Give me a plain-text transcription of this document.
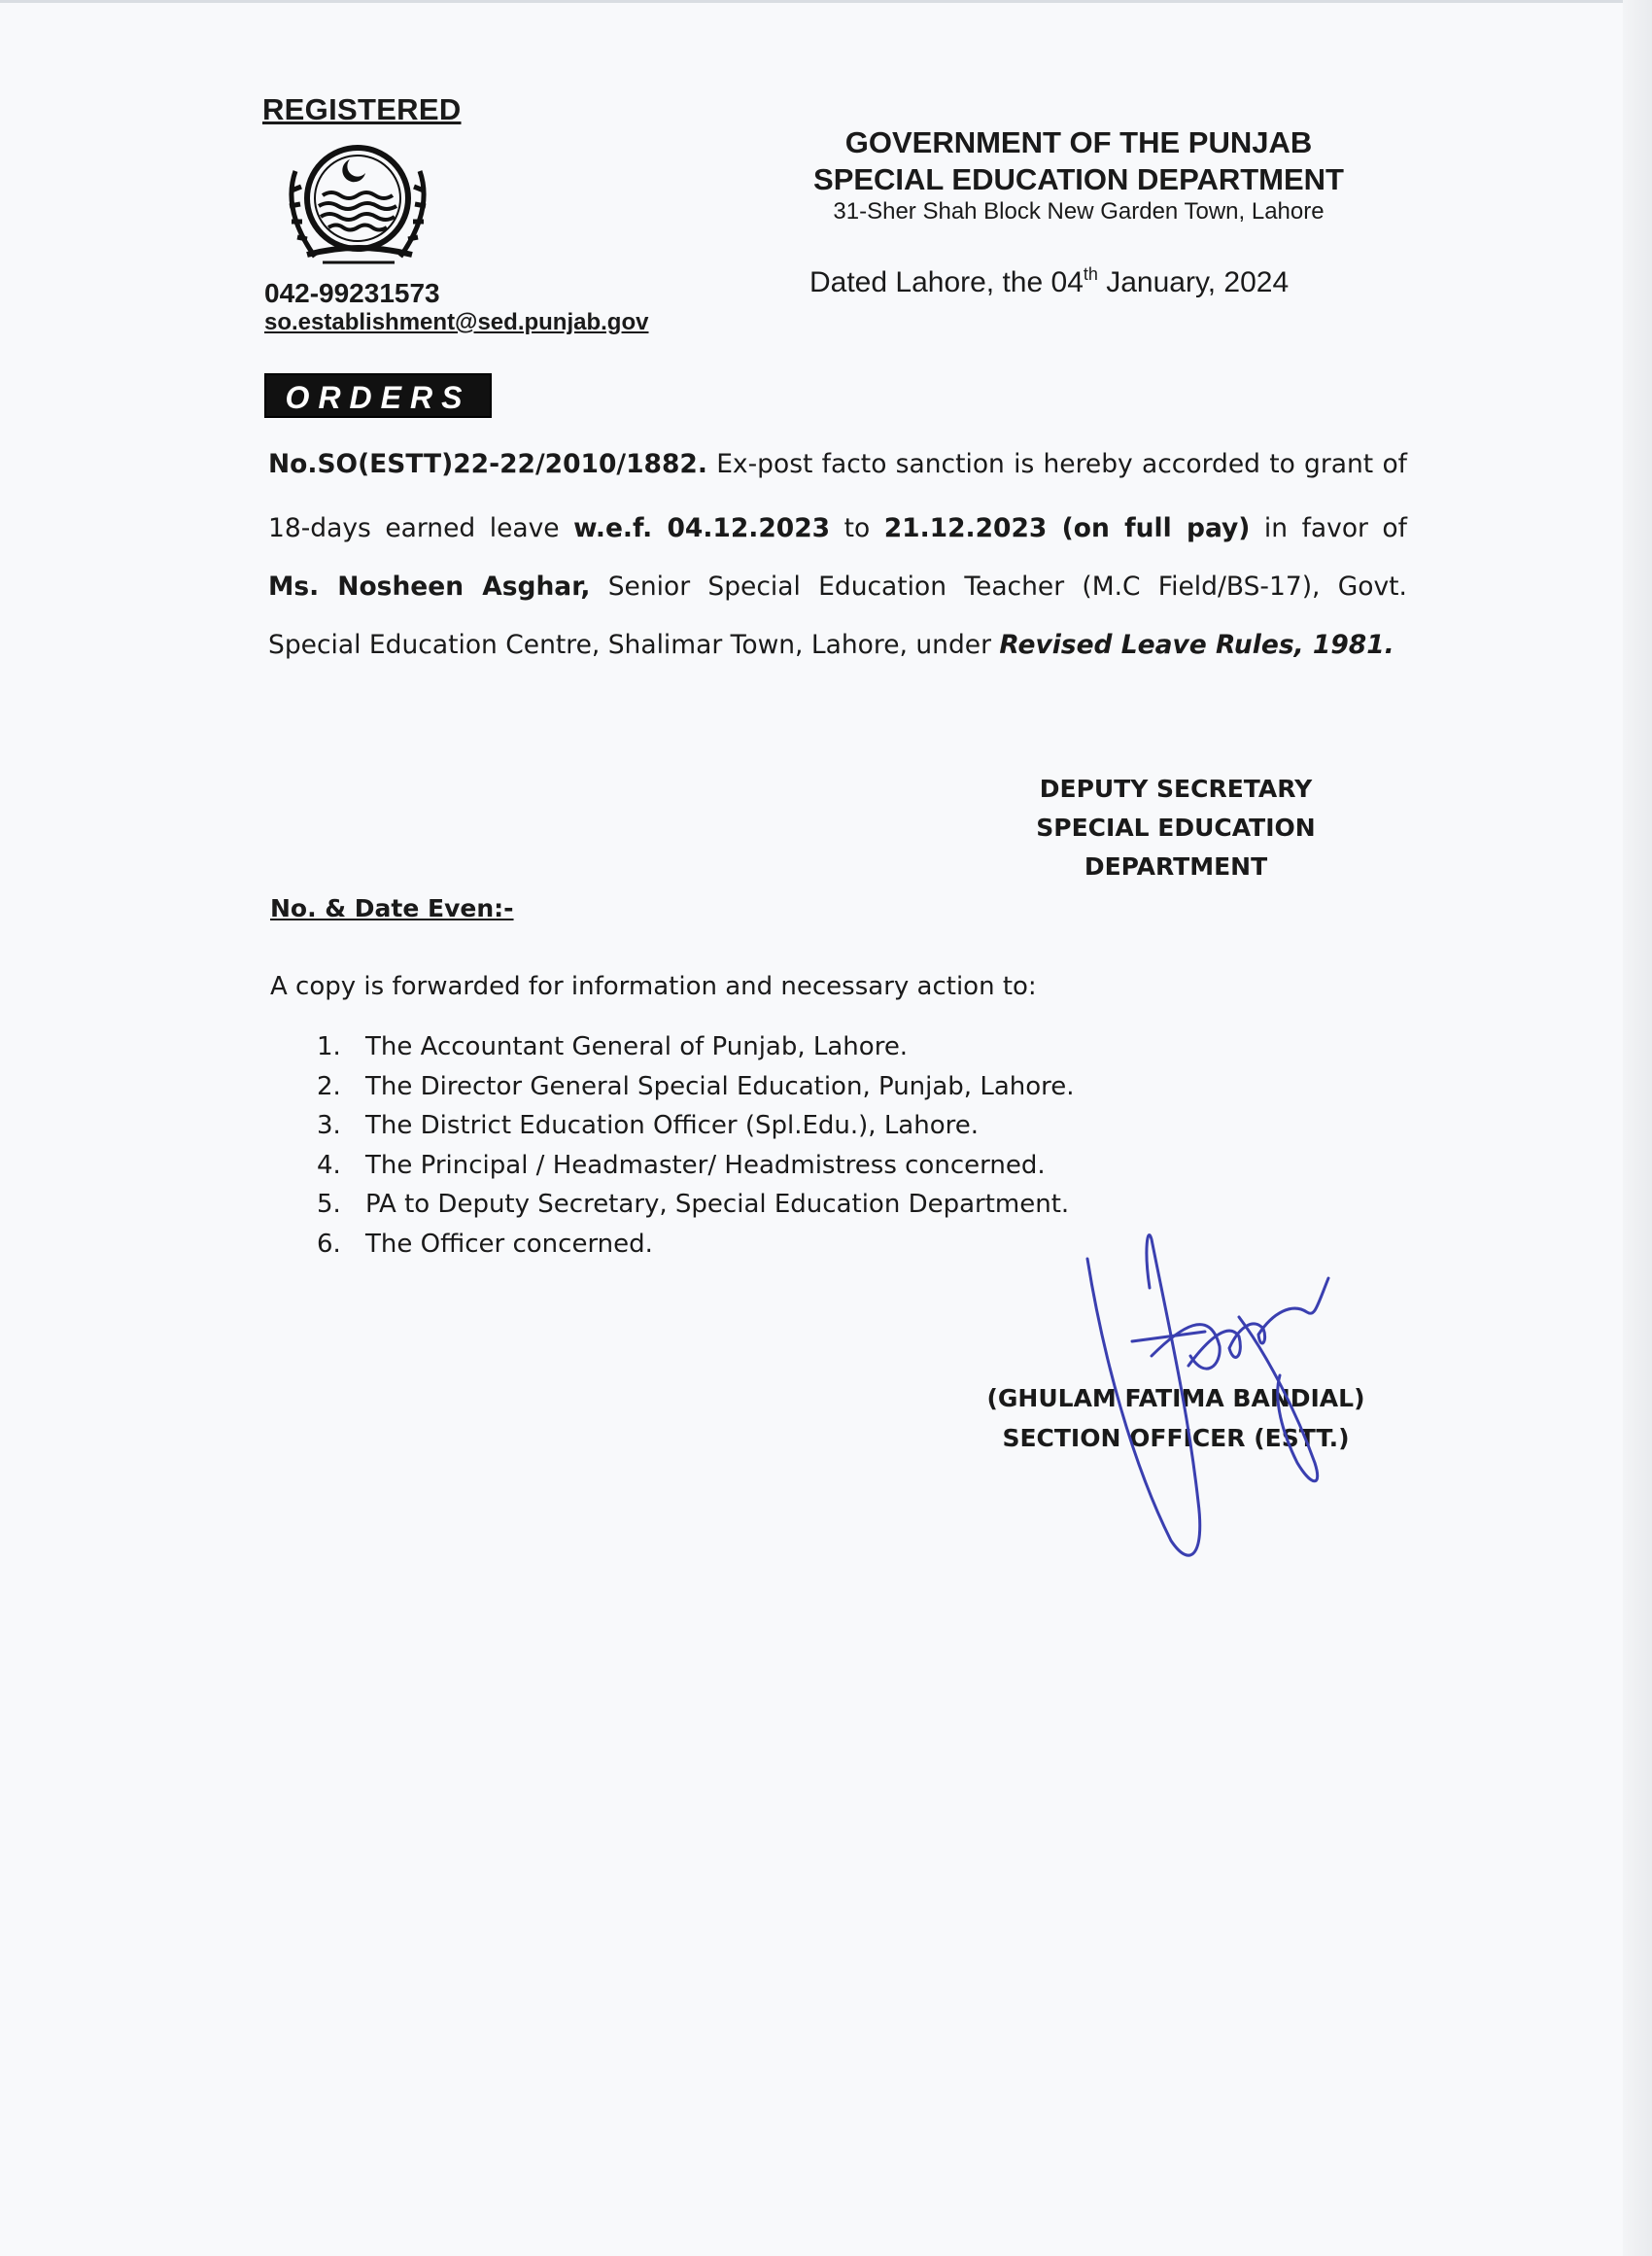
REGISTERED
042-99231573
so.establishment@sed.punjab.gov
GOVERNMENT OF THE PUNJAB
SPECIAL EDUCATION DEPARTMENT
31-Sher Shah Block New Garden Town, Lahore
Dated Lahore, the 04th January, 2024
ORDERS
No.SO(ESTT)22-22/2010/1882. Ex-post facto sanction is hereby accorded to grant of
18-days earned leave w.e.f. 04.12.2023 to 21.12.2023 (on full pay) in favor of
Ms. Nosheen Asghar, Senior Special Education Teacher (M.C Field/BS-17), Govt.
Special Education Centre, Shalimar Town, Lahore, under Revised Leave Rules, 1981.
DEPUTY SECRETARY
SPECIAL EDUCATION
DEPARTMENT
No. & Date Even:-
A copy is forwarded for information and necessary action to:
1. The Accountant General of Punjab, Lahore.
2. The Director General Special Education, Punjab, Lahore.
3. The District Education Officer (Spl.Edu.), Lahore.
4. The Principal / Headmaster/ Headmistress concerned.
5. PA to Deputy Secretary, Special Education Department.
6. The Officer concerned.
(GHULAM FATIMA BANDIAL)
SECTION OFFICER (ESTT.)
